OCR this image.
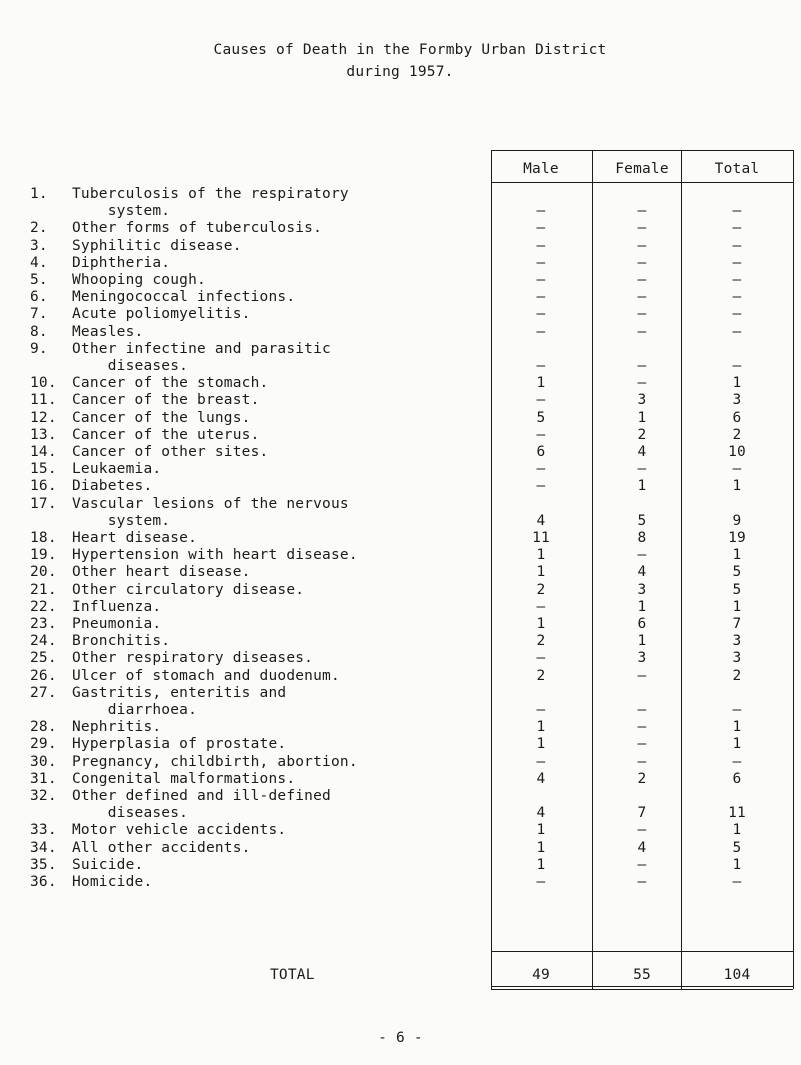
Causes of Death in the Formby Urban District
during 1957.
Male	Female	Total
1. Tuberculosis of the respiratory
system.	–	–	–
2. Other forms of tuberculosis.	–	–	–
3. Syphilitic disease.	–	–	–
4. Diphtheria.	–	–	–
5. Whooping cough.	–	–	–
6. Meningococcal infections.	–	–	–
7. Acute poliomyelitis.	–	–	–
8. Measles.	–	–	–
9. Other infectine and parasitic
diseases.	–	–	–
10. Cancer of the stomach.	1	–	1
11. Cancer of the breast.	–	3	3
12. Cancer of the lungs.	5	1	6
13. Cancer of the uterus.	–	2	2
14. Cancer of other sites.	6	4	10
15. Leukaemia.	–	–	–
16. Diabetes.	–	1	1
17. Vascular lesions of the nervous
system.	4	5	9
18. Heart disease.	11	8	19
19. Hypertension with heart disease.	1	–	1
20. Other heart disease.	1	4	5
21. Other circulatory disease.	2	3	5
22. Influenza.	–	1	1
23. Pneumonia.	1	6	7
24. Bronchitis.	2	1	3
25. Other respiratory diseases.	–	3	3
26. Ulcer of stomach and duodenum.	2	–	2
27. Gastritis, enteritis and
diarrhoea.	–	–	–
28. Nephritis.	1	–	1
29. Hyperplasia of prostate.	1	–	1
30. Pregnancy, childbirth, abortion.	–	–	–
31. Congenital malformations.	4	2	6
32. Other defined and ill-defined
diseases.	4	7	11
33. Motor vehicle accidents.	1	–	1
34. All other accidents.	1	4	5
35. Suicide.	1	–	1
36. Homicide.	–	–	–
TOTAL	49	55	104
- 6 -
